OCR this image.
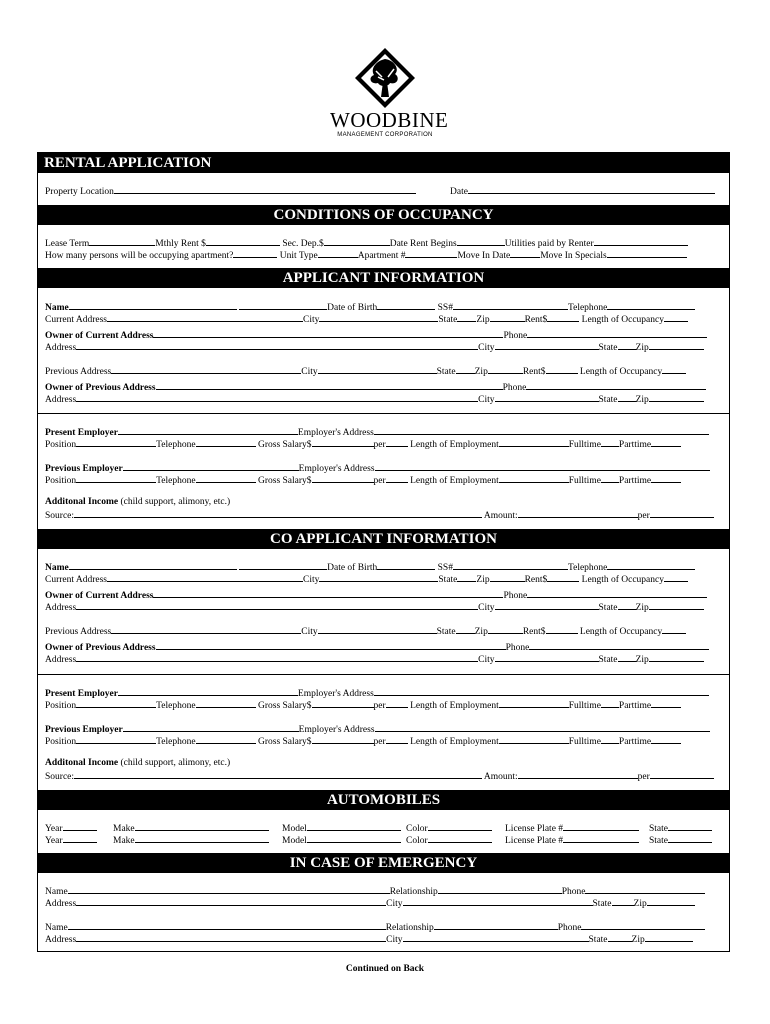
WOODBINE
MANAGEMENT CORPORATION
RENTAL APPLICATION
Property Location	Date
CONDITIONS OF OCCUPANCY
Lease Term	Mthly Rent $	Sec. Dep.$	Date Rent Begins	Utilities paid by Renter
How many persons will be occupying apartment?	Unit Type	Apartment #	Move In Date	Move In Specials
APPLICANT INFORMATION
Name	Date of Birth	SS#	Telephone
Current Address	City	State Zip	Rent$	Length of Occupancy
Owner of Current Address	Phone
Address	City	State Zip
Previous Address	City	State Zip	Rent$	Length of Occupancy
Owner of Previous Address	Phone
Address	City	State Zip
Present Employer	Employer's Address
Position	Telephone	Gross Salary$	per	Length of Employment	Fulltime Parttime
Previous Employer	Employer's Address
Position	Telephone	Gross Salary$	per	Length of Employment	Fulltime Parttime
Additonal Income (child support, alimony, etc.)
Source:	Amount:	per
CO APPLICANT INFORMATION
Name	Date of Birth	SS#	Telephone
Current Address	City	State Zip	Rent$	Length of Occupancy
Owner of Current Address	Phone
Address	City	State Zip
Previous Address	City	State Zip	Rent$	Length of Occupancy
Owner of Previous Address	Phone
Address	City	State Zip
Present Employer	Employer's Address
Position	Telephone	Gross Salary$	per	Length of Employment	Fulltime Parttime
Previous Employer	Employer's Address
Position	Telephone	Gross Salary$	per	Length of Employment	Fulltime Parttime
Additonal Income (child support, alimony, etc.)
Source:	Amount:	per
AUTOMOBILES
Year	Make	Model	Color	License Plate #	State
Year	Make	Model	Color	License Plate #	State
IN CASE OF EMERGENCY
Name	Relationship	Phone
Address	City	State Zip
Name	Relationship	Phone
Address	City	State	Zip
Continued on Back
